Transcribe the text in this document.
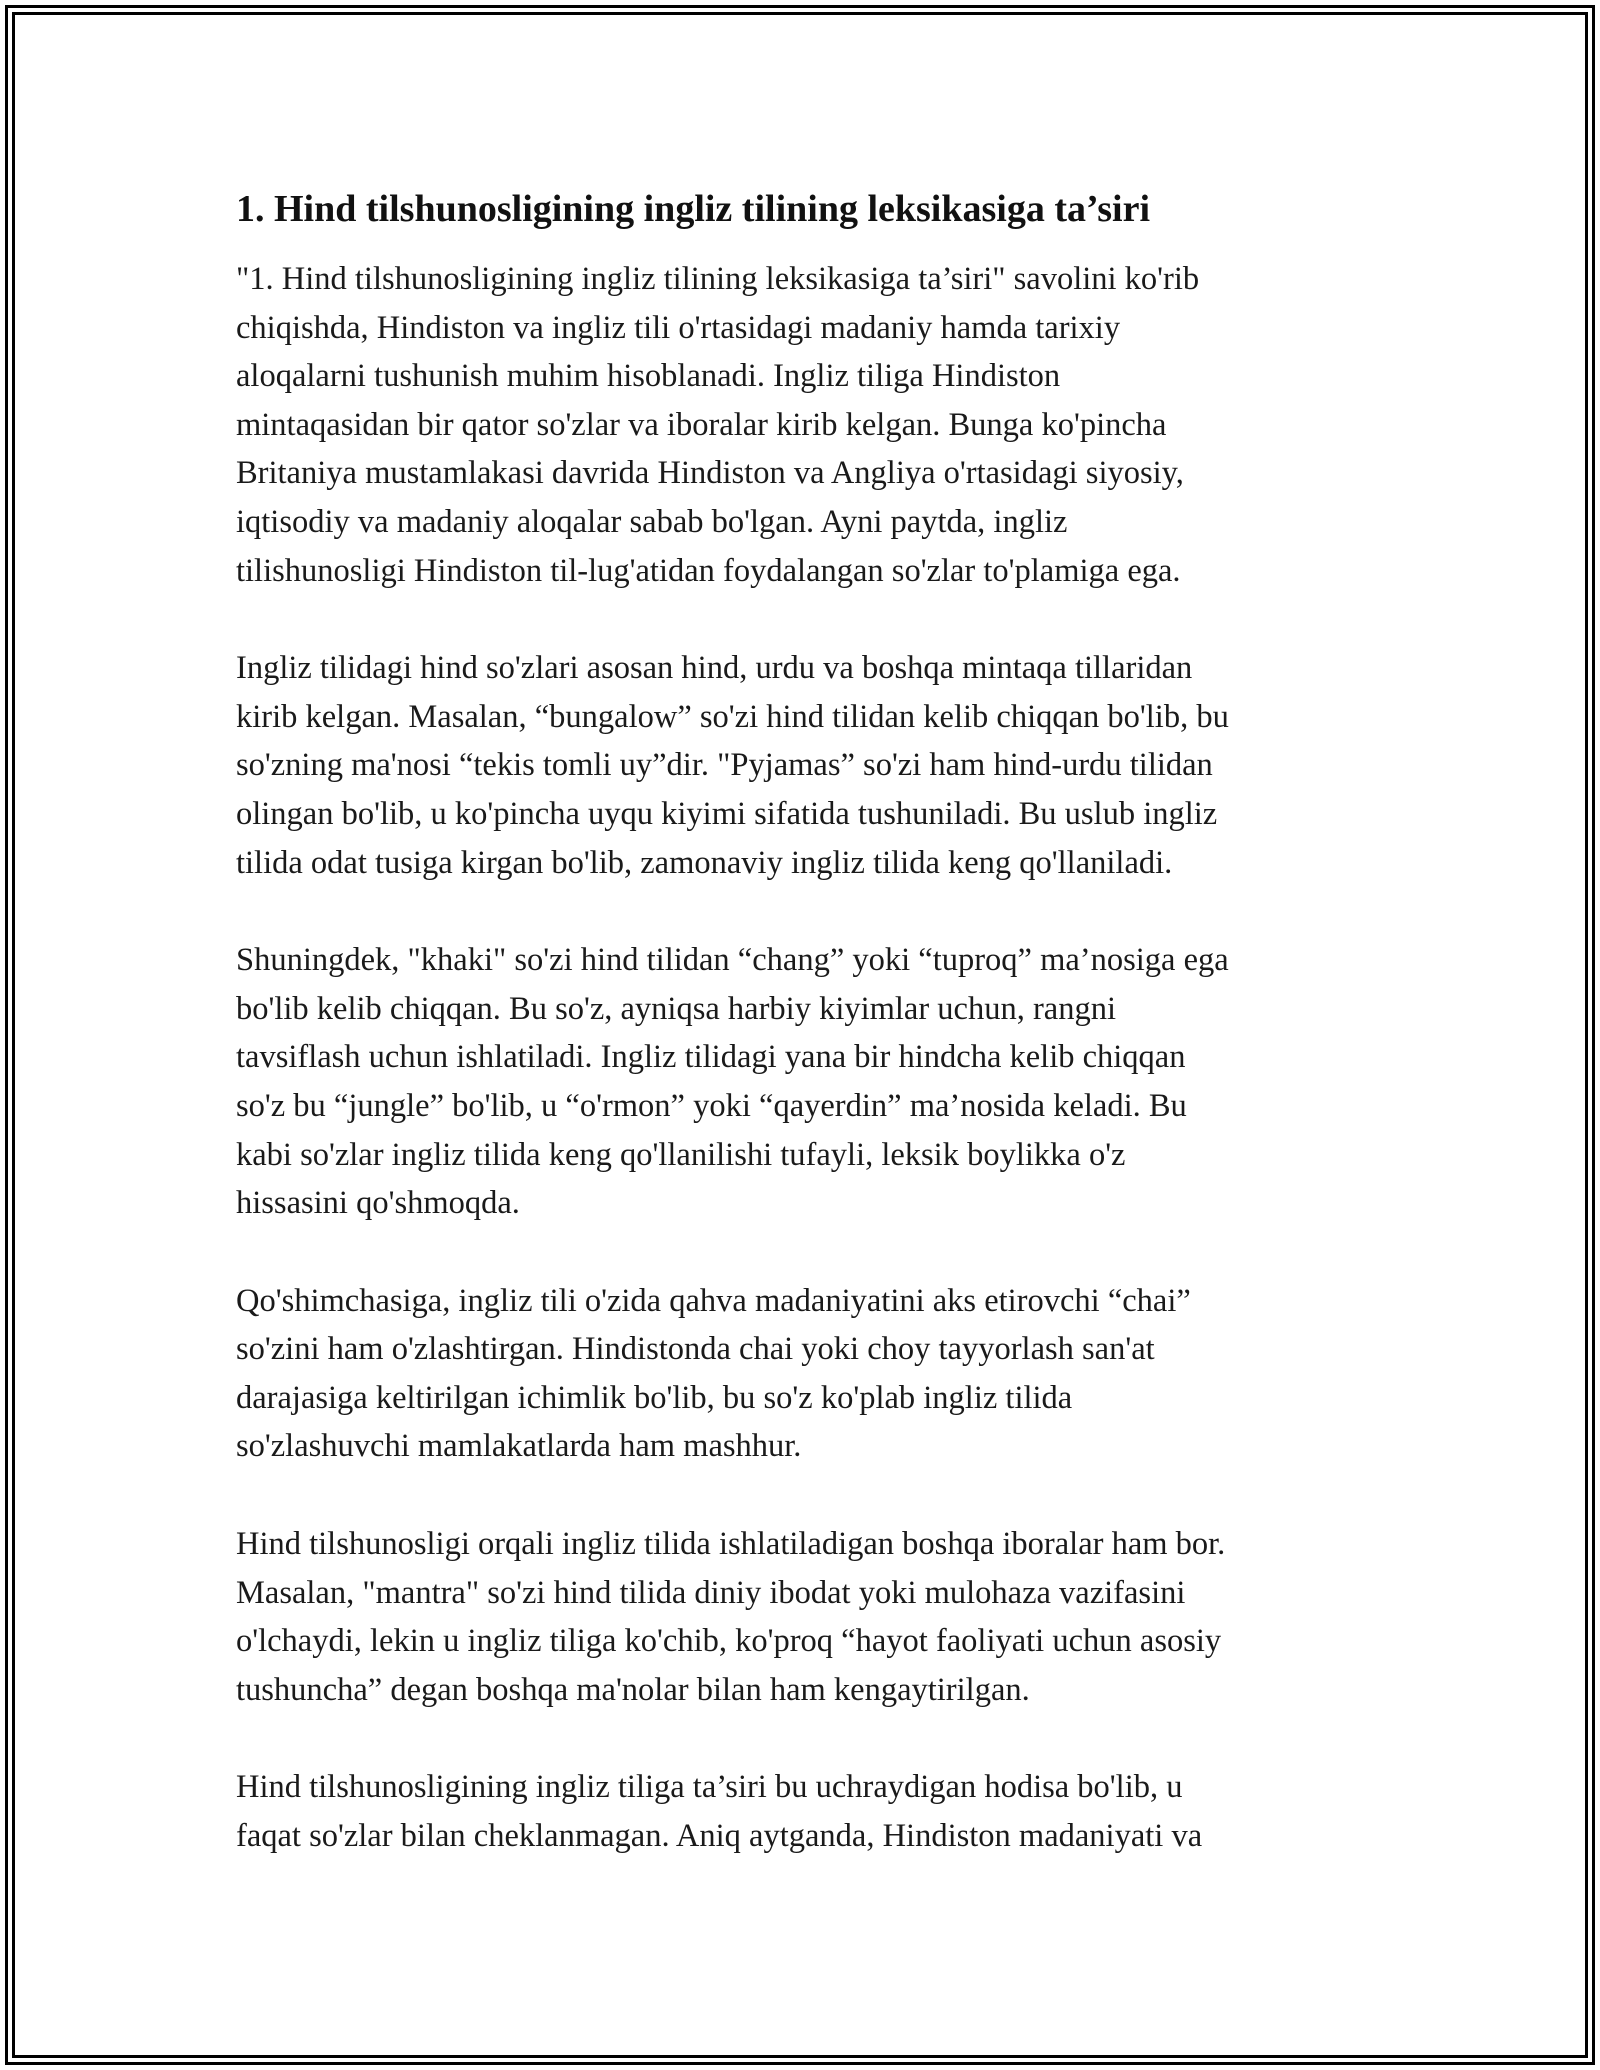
1. Hind tilshunosligining ingliz tilining leksikasiga ta’siri
"1. Hind tilshunosligining ingliz tilining leksikasiga ta’siri" savolini ko'rib
chiqishda, Hindiston va ingliz tili o'rtasidagi madaniy hamda tarixiy
aloqalarni tushunish muhim hisoblanadi. Ingliz tiliga Hindiston
mintaqasidan bir qator so'zlar va iboralar kirib kelgan. Bunga ko'pincha
Britaniya mustamlakasi davrida Hindiston va Angliya o'rtasidagi siyosiy,
iqtisodiy va madaniy aloqalar sabab bo'lgan. Ayni paytda, ingliz
tilishunosligi Hindiston til-lug'atidan foydalangan so'zlar to'plamiga ega.
Ingliz tilidagi hind so'zlari asosan hind, urdu va boshqa mintaqa tillaridan
kirib kelgan. Masalan, “bungalow” so'zi hind tilidan kelib chiqqan bo'lib, bu
so'zning ma'nosi “tekis tomli uy”dir. "Pyjamas” so'zi ham hind-urdu tilidan
olingan bo'lib, u ko'pincha uyqu kiyimi sifatida tushuniladi. Bu uslub ingliz
tilida odat tusiga kirgan bo'lib, zamonaviy ingliz tilida keng qo'llaniladi.
Shuningdek, "khaki" so'zi hind tilidan “chang” yoki “tuproq” ma’nosiga ega
bo'lib kelib chiqqan. Bu so'z, ayniqsa harbiy kiyimlar uchun, rangni
tavsiflash uchun ishlatiladi. Ingliz tilidagi yana bir hindcha kelib chiqqan
so'z bu “jungle” bo'lib, u “o'rmon” yoki “qayerdin” ma’nosida keladi. Bu
kabi so'zlar ingliz tilida keng qo'llanilishi tufayli, leksik boylikka o'z
hissasini qo'shmoqda.
Qo'shimchasiga, ingliz tili o'zida qahva madaniyatini aks etirovchi “chai”
so'zini ham o'zlashtirgan. Hindistonda chai yoki choy tayyorlash san'at
darajasiga keltirilgan ichimlik bo'lib, bu so'z ko'plab ingliz tilida
so'zlashuvchi mamlakatlarda ham mashhur.
Hind tilshunosligi orqali ingliz tilida ishlatiladigan boshqa iboralar ham bor.
Masalan, "mantra" so'zi hind tilida diniy ibodat yoki mulohaza vazifasini
o'lchaydi, lekin u ingliz tiliga ko'chib, ko'proq “hayot faoliyati uchun asosiy
tushuncha” degan boshqa ma'nolar bilan ham kengaytirilgan.
Hind tilshunosligining ingliz tiliga ta’siri bu uchraydigan hodisa bo'lib, u
faqat so'zlar bilan cheklanmagan. Aniq aytganda, Hindiston madaniyati va
